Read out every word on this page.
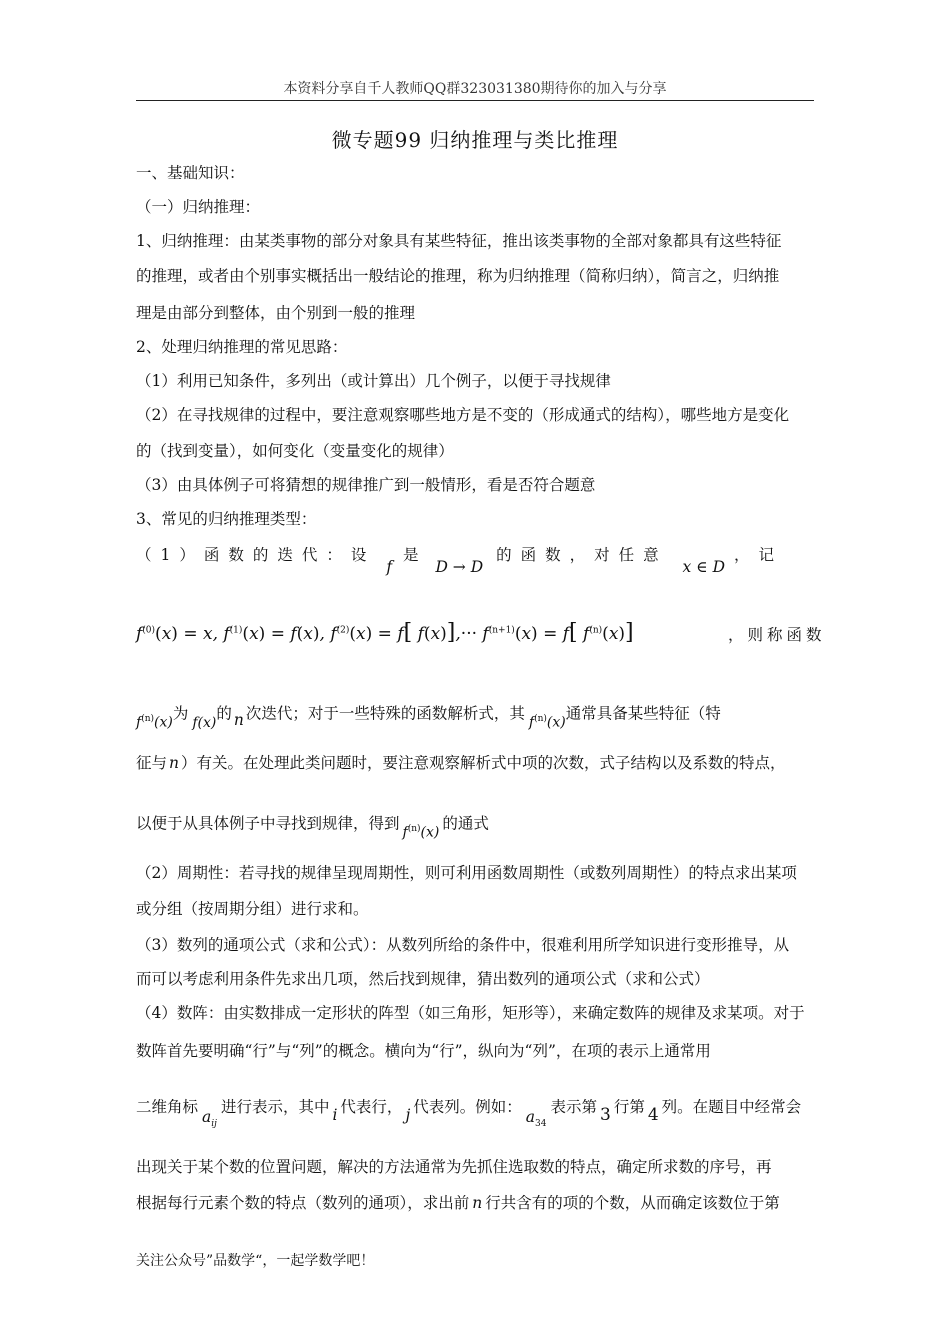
本资料分享自千人教师QQ群323031380期待你的加入与分享
微专题99 归纳推理与类比推理
一、基础知识：
（一）归纳推理：
1、归纳推理：由某类事物的部分对象具有某些特征，推出该类事物的全部对象都具有这些特征
的推理，或者由个别事实概括出一般结论的推理，称为归纳推理（简称归纳），简言之，归纳推
理是由部分到整体，由个别到一般的推理
2、处理归纳推理的常见思路：
（1）利用已知条件，多列出（或计算出）几个例子，以便于寻找规律
（2）在寻找规律的过程中，要注意观察哪些地方是不变的（形成通式的结构），哪些地方是变化
的（找到变量），如何变化（变量变化的规律）
（3）由具体例子可将猜想的规律推广到一般情形，看是否符合题意
3、常见的归纳推理类型：
（1）函数的迭代：设 f 是 D → D 的函数，对任意 x ∈ D ，记
$f^{(0)}(x) = x$, $f^{(1)}(x) = f(x)$, $f^{(2)}(x) = f$[ $f(x)],\cdot\cdot\cdot f^{(n+1)}(x) = f$[ $f^{(n)}(x)$]	，则称函数
$f^{(n)}(x)$为 f(x)的 n 次迭代；对于一些特殊的函数解析式，其 $f^{(n)}(x)$通常具备某些特征（特
征与 n ）有关。在处理此类问题时，要注意观察解析式中项的次数，式子结构以及系数的特点，
以便于从具体例子中寻找到规律，得到 $f^{(n)}(x)$ 的通式
（2）周期性：若寻找的规律呈现周期性，则可利用函数周期性（或数列周期性）的特点求出某项
或分组（按周期分组）进行求和。
（3）数列的通项公式（求和公式）：从数列所给的条件中，很难利用所学知识进行变形推导，从
而可以考虑利用条件先求出几项，然后找到规律，猜出数列的通项公式（求和公式）
（4）数阵：由实数排成一定形状的阵型（如三角形，矩形等），来确定数阵的规律及求某项。对于
数阵首先要明确“行”与“列”的概念。横向为“行”，纵向为“列”，在项的表示上通常用
二维角标$a_{ij}$进行表示，其中 i 代表行， j 代表列。例如：$a_{34}$表示第 3 行第 4 列。在题目中经常会
出现关于某个数的位置问题，解决的方法通常为先抓住选取数的特点，确定所求数的序号，再
根据每行元素个数的特点（数列的通项），求出前 n 行共含有的项的个数，从而确定该数位于第
关注公众号”品数学“，一起学数学吧！
